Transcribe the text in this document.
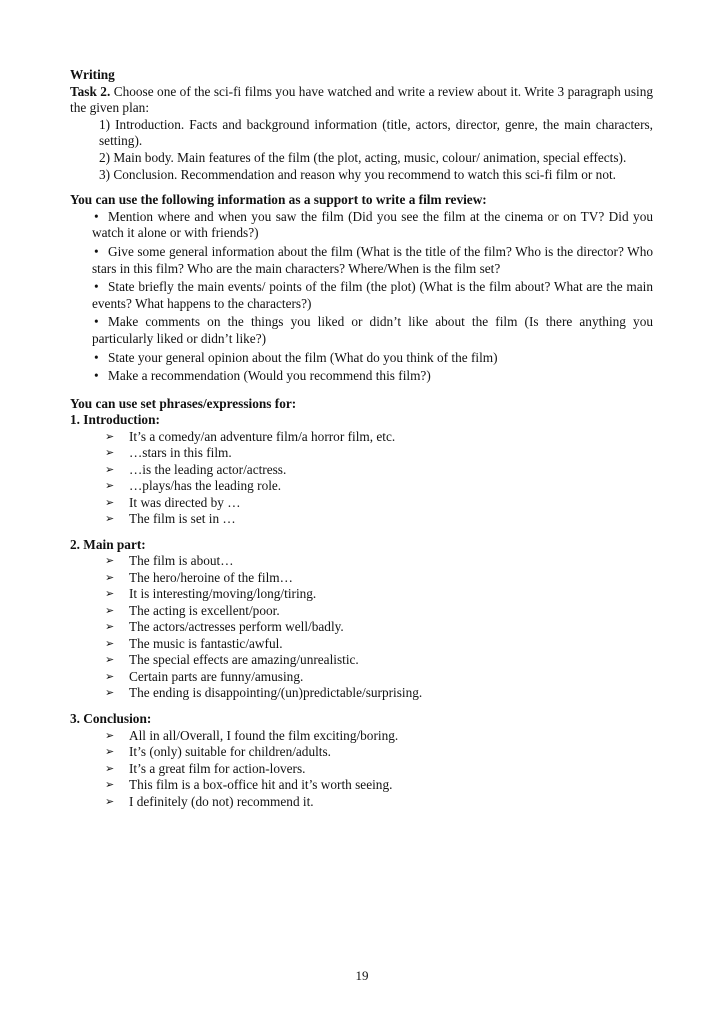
Writing
Task 2. Choose one of the sci-fi films you have watched and write a review about it. Write 3 paragraph using the given plan:
1) Introduction. Facts and background information (title, actors, director, genre, the main characters, setting).
2) Main body. Main features of the film (the plot, acting, music, colour/ animation, special effects).
3) Conclusion. Recommendation and reason why you recommend to watch this sci-fi film or not.
You can use the following information as a support to write a film review:
• Mention where and when you saw the film (Did you see the film at the cinema or on TV? Did you watch it alone or with friends?)
• Give some general information about the film (What is the title of the film? Who is the director? Who stars in this film? Who are the main characters? Where/When is the film set?
• State briefly the main events/ points of the film (the plot) (What is the film about? What are the main events? What happens to the characters?)
• Make comments on the things you liked or didn’t like about the film (Is there anything you particularly liked or didn’t like?)
• State your general opinion about the film (What do you think of the film)
• Make a recommendation (Would you recommend this film?)
You can use set phrases/expressions for:
1. Introduction:
➢ It’s a comedy/an adventure film/a horror film, etc.
➢ …stars in this film.
➢ …is the leading actor/actress.
➢ …plays/has the leading role.
➢ It was directed by …
➢ The film is set in …
2. Main part:
➢ The film is about…
➢ The hero/heroine of the film…
➢ It is interesting/moving/long/tiring.
➢ The acting is excellent/poor.
➢ The actors/actresses perform well/badly.
➢ The music is fantastic/awful.
➢ The special effects are amazing/unrealistic.
➢ Certain parts are funny/amusing.
➢ The ending is disappointing/(un)predictable/surprising.
3. Conclusion:
➢ All in all/Overall, I found the film exciting/boring.
➢ It’s (only) suitable for children/adults.
➢ It’s a great film for action-lovers.
➢ This film is a box-office hit and it’s worth seeing.
➢ I definitely (do not) recommend it.
19
